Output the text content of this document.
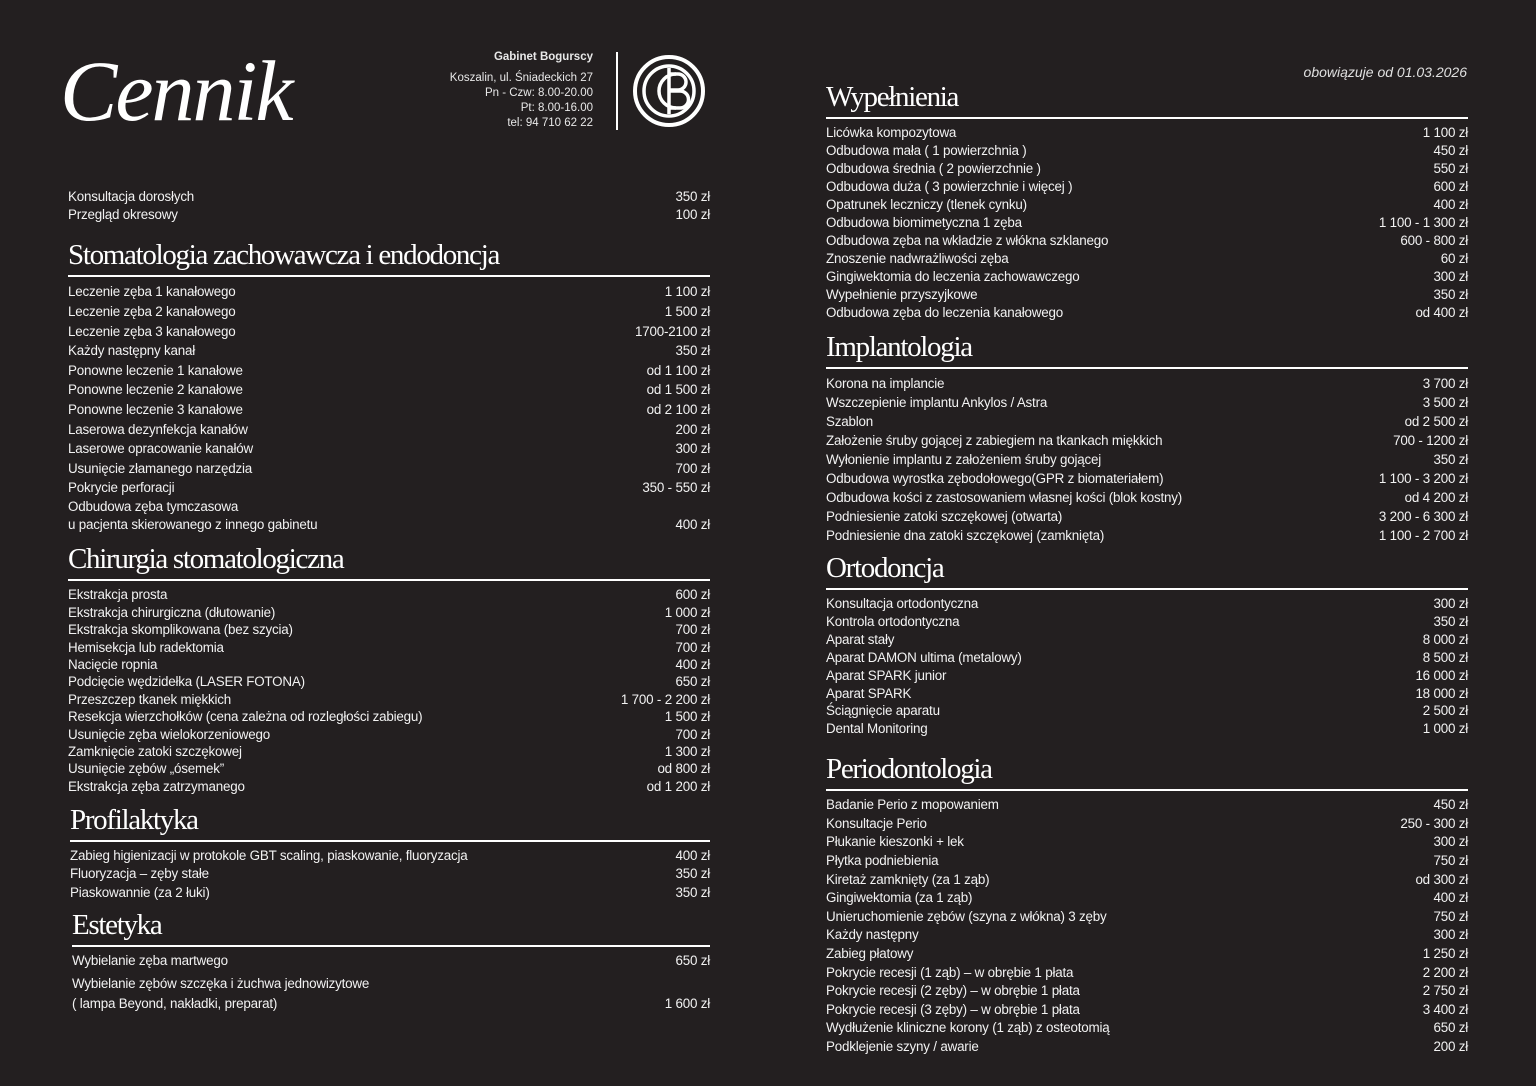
Cennik	Gabinet Bogurscy
Koszalin, ul. Śniadeckich 27
Pn - Czw: 8.00-20.00
Pt: 8.00-16.00
tel: 94 710 62 22
obowiązuje od 01.03.2026
Konsultacja dorosłych	350 zł
Przegląd okresowy	100 zł
Stomatologia zachowawcza i endodoncja
Leczenie zęba 1 kanałowego	1 100 zł
Leczenie zęba 2 kanałowego	1 500 zł
Leczenie zęba 3 kanałowego	1700-2100 zł
Każdy następny kanał	350 zł
Ponowne leczenie 1 kanałowe	od 1 100 zł
Ponowne leczenie 2 kanałowe	od 1 500 zł
Ponowne leczenie 3 kanałowe	od 2 100 zł
Laserowa dezynfekcja kanałów	200 zł
Laserowe opracowanie kanałów	300 zł
Usunięcie złamanego narzędzia	700 zł
Pokrycie perforacji	350 - 550 zł
Odbudowa zęba tymczasowa
u pacjenta skierowanego z innego gabinetu	400 zł
Chirurgia stomatologiczna
Ekstrakcja prosta	600 zł
Ekstrakcja chirurgiczna (dłutowanie)	1 000 zł
Ekstrakcja skomplikowana (bez szycia)	700 zł
Hemisekcja lub radektomia	700 zł
Nacięcie ropnia	400 zł
Podcięcie wędzidełka (LASER FOTONA)	650 zł
Przeszczep tkanek miękkich	1 700 - 2 200 zł
Resekcja wierzchołków (cena zależna od rozległości zabiegu)	1 500 zł
Usunięcie zęba wielokorzeniowego	700 zł
Zamknięcie zatoki szczękowej	1 300 zł
Usunięcie zębów „ósemek”	od 800 zł
Ekstrakcja zęba zatrzymanego	od 1 200 zł
Profilaktyka
Zabieg higienizacji w protokole GBT scaling, piaskowanie, fluoryzacja	400 zł
Fluoryzacja – zęby stałe	350 zł
Piaskowannie (za 2 łuki)	350 zł
Estetyka
Wybielanie zęba martwego	650 zł
Wybielanie zębów szczęka i żuchwa jednowizytowe
( lampa Beyond, nakładki, preparat)	1 600 zł
Wypełnienia
Licówka kompozytowa	1 100 zł
Odbudowa mała ( 1 powierzchnia )	450 zł
Odbudowa średnia ( 2 powierzchnie )	550 zł
Odbudowa duża ( 3 powierzchnie i więcej )	600 zł
Opatrunek leczniczy (tlenek cynku)	400 zł
Odbudowa biomimetyczna 1 zęba	1 100 - 1 300 zł
Odbudowa zęba na wkładzie z włókna szklanego	600 - 800 zł
Znoszenie nadwrażliwości zęba	60 zł
Gingiwektomia do leczenia zachowawczego	300 zł
Wypełnienie przyszyjkowe	350 zł
Odbudowa zęba do leczenia kanałowego	od 400 zł
Implantologia
Korona na implancie	3 700 zł
Wszczepienie implantu Ankylos / Astra	3 500 zł
Szablon	od 2 500 zł
Założenie śruby gojącej z zabiegiem na tkankach miękkich	700 - 1200 zł
Wyłonienie implantu z założeniem śruby gojącej	350 zł
Odbudowa wyrostka zębodołowego(GPR z biomateriałem)	1 100 - 3 200 zł
Odbudowa kości z zastosowaniem własnej kości (blok kostny)	od 4 200 zł
Podniesienie zatoki szczękowej (otwarta)	3 200 - 6 300 zł
Podniesienie dna zatoki szczękowej (zamknięta)	1 100 - 2 700 zł
Ortodoncja
Konsultacja ortodontyczna	300 zł
Kontrola ortodontyczna	350 zł
Aparat stały	8 000 zł
Aparat DAMON ultima (metalowy)	8 500 zł
Aparat SPARK junior	16 000 zł
Aparat SPARK	18 000 zł
Ściągnięcie aparatu	2 500 zł
Dental Monitoring	1 000 zł
Periodontologia
Badanie Perio z mopowaniem	450 zł
Konsultacje Perio	250 - 300 zł
Płukanie kieszonki + lek	300 zł
Płytka podniebienia	750 zł
Kiretaż zamknięty (za 1 ząb)	od 300 zł
Gingiwektomia (za 1 ząb)	400 zł
Unieruchomienie zębów (szyna z włókna) 3 zęby	750 zł
Każdy następny	300 zł
Zabieg płatowy	1 250 zł
Pokrycie recesji (1 ząb) – w obrębie 1 płata	2 200 zł
Pokrycie recesji (2 zęby) – w obrębie 1 płata	2 750 zł
Pokrycie recesji (3 zęby) – w obrębie 1 płata	3 400 zł
Wydłużenie kliniczne korony (1 ząb) z osteotomią	650 zł
Podklejenie szyny / awarie	200 zł
